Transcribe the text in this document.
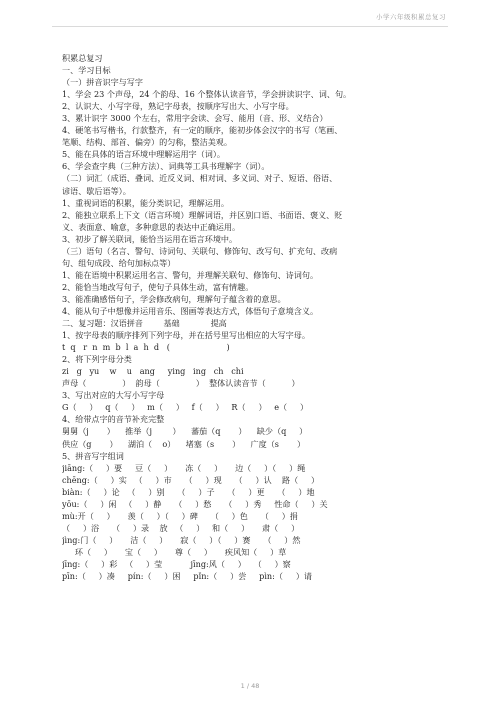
小学六年级积累总复习
积累总复习
一、学习目标
（一）拼音识字与写字
1、学会 23 个声母，24 个韵母、16 个整体认读音节，学会拼读识字、词、句。
2、认识大、小写字母，熟记字母表，按顺序写出大、小写字母。
3、累计识字 3000 个左右，常用字会读、会写、能用（音、形、义结合）
4、硬笔书写楷书，行款整齐，有一定的顺序，能初步体会汉字的书写（笔画、
笔顺、结构、部首、偏旁）的匀称，整洁美观。
5、能在具体的语言环境中理解运用字（词）。
6、学会查字典（三种方法）、词典等工具书理解字（词）。
（二）词汇（成语、叠词、近反义词、相对词、多义词、对子、短语、俗语、
谚语、歇后语等）。
1、重视词语的积累，能分类识记，理解运用。
2、能独立联系上下文（语言环境）理解词语，并区别口语、书面语、褒义、贬
义、表面意、喻意，多种意思的表达中正确运用。
3、初步了解关联词，能恰当运用在语言环境中。
（三）语句（名言、警句、诗词句、关联句、修饰句、改写句、扩充句、改病
句、组句成段、给句加标点等）
1、能在语境中积累运用名言、警句，并理解关联句、修饰句、诗词句。
2、能恰当地改写句子，使句子具体生动，富有情趣。
3、能准确感悟句子，学会修改病句，理解句子蕴含着的意思。
4、能从句子中想像并运用音乐、图画等表达方式，体悟句子意境含义。
二、复习题：汉语拼音        基础            提高
1、按字母表的顺序排列下列字母，并在括号里写出相应的大写字母。
t  q   r  n  m  b  l  a  h  d   (                      )
2、将下列字母分类
zi   g   yu    w    u   ang     ying   ing   ch   chi
声母（              ）  韵母（              ）  整体认读音节（          ）
3、写出对应的大写小写字母
G（     ）   q（     ）   m（     ）   f（     ）   R（     ）   e（     ）
4、给带点字的音节补充完整
舅舅（j       ）    推举（j        ）    蕃茄（q       ）    缺少（q     ）
供应（g       ）    湖泊（    o）    堵塞（s       ）    广度（s       ）
5、拼音写字组词
jiāng:（     ）要     豆（     ）     冻（     ）     边（     ）（     ）绳
chēng:（     ）实   （     ）市     （     ）现     （     ）认    路（     ）
biàn:（     ）论   （     ）别     （     ）子     （     ）更     （     ）地
yōu:（     ）闲   （     ）静     （     ）愁     （     ）秀     性命（     ）关
mù:开（     ）     羡（     ）（     ）碑     （     ）色     （     ）捐
（     ）浴     （     ）录    放   （     ）   和（     ）     肃（     ）
jìng:门（     ）     洁（     ）     寂（     ）（     ）赛     （     ）然
环（     ）     宝（     ）     尊（     ）     疾风知（     ）草
jīng:（     ）彩   （     ）莹           jīng:风（     ）   （     ）察
pīn:（     ）凑     pín:（     ）困     pǐn:（     ）尝     pìn:（     ）请
1 / 48
